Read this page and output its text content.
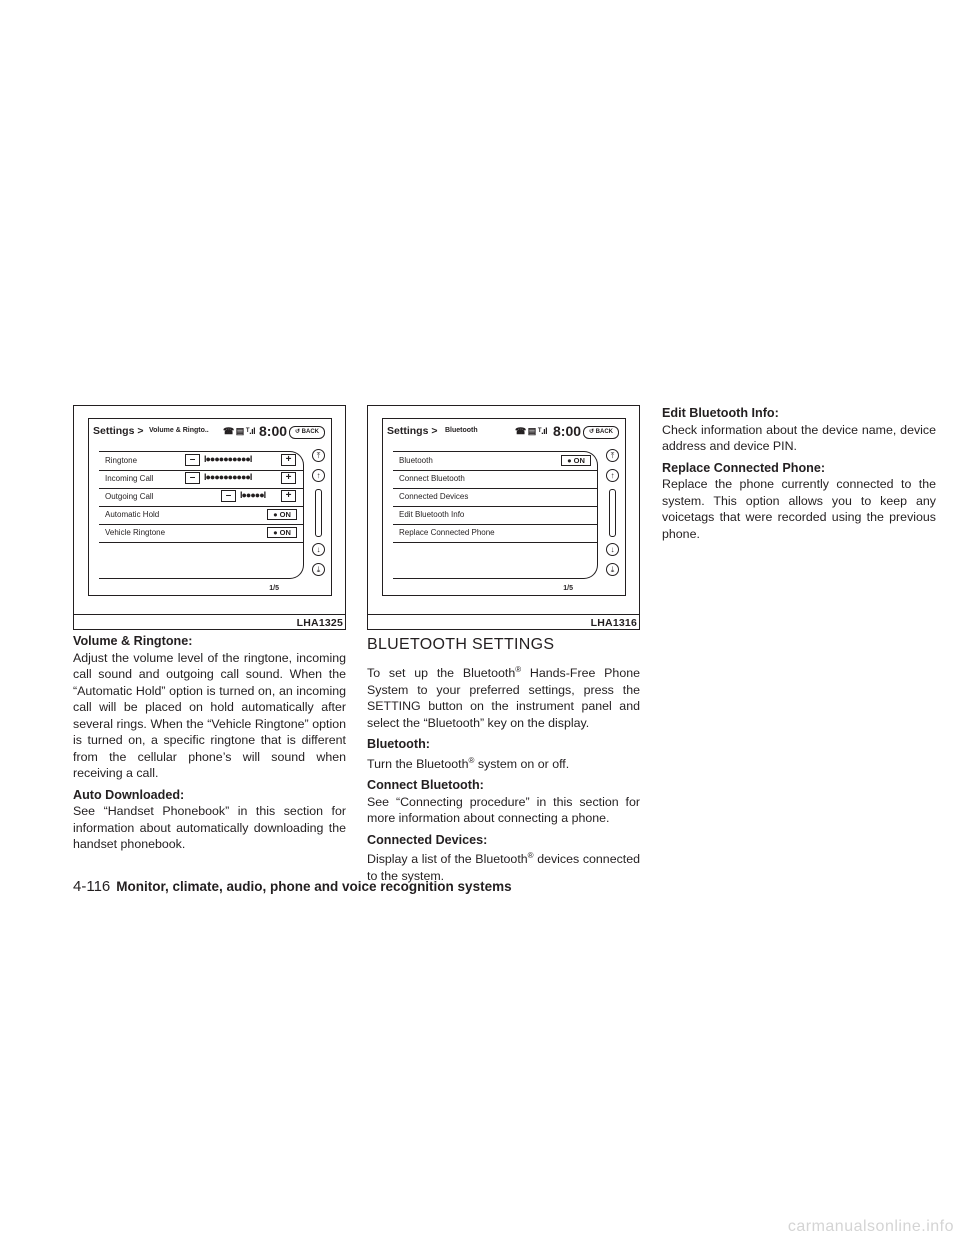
Settings > Volume & Ringto.. ☎ ▤ ᵀ.ıl 8:00	↺ BACK
Ringtone	– I●●●●●●●●●●I	+
Incoming Call	– I●●●●●●●●●●I	+
Outgoing Call	– I●●●●●I	+
Automatic Hold	● ON
Vehicle Ringtone	● ON
⤒
↑
↓
⤓
1/5
LHA1325
Settings > Bluetooth	☎ ▤ ᵀ.ıl 8:00	↺ BACK
Bluetooth	● ON
Connect Bluetooth
Connected Devices
Edit Bluetooth Info
Replace Connected Phone
⤒
↑
↓
⤓
1/5
LHA1316
Volume & Ringtone:
Adjust the volume level of the ringtone, incoming call sound and outgoing call sound. When the “Automatic Hold” option is turned on, an incoming call will be placed on hold automatically after several rings. When the “Vehicle Ringtone” option is turned on, a specific ringtone that is different from the cellular phone’s will sound when receiving a call.
Auto Downloaded:
See “Handset Phonebook” in this section for information about automatically downloading the handset phonebook.
BLUETOOTH SETTINGS
To set up the Bluetooth® Hands-Free Phone System to your preferred settings, press the SETTING button on the instrument panel and select the “Bluetooth” key on the display.
Bluetooth:
Turn the Bluetooth® system on or off.
Connect Bluetooth:
See “Connecting procedure” in this section for more information about connecting a phone.
Connected Devices:
Display a list of the Bluetooth® devices connected to the system.
Edit Bluetooth Info:
Check information about the device name, device address and device PIN.
Replace Connected Phone:
Replace the phone currently connected to the system. This option allows you to keep any voicetags that were recorded using the previous phone.
4-116 Monitor, climate, audio, phone and voice recognition systems
carmanualsonline.info
